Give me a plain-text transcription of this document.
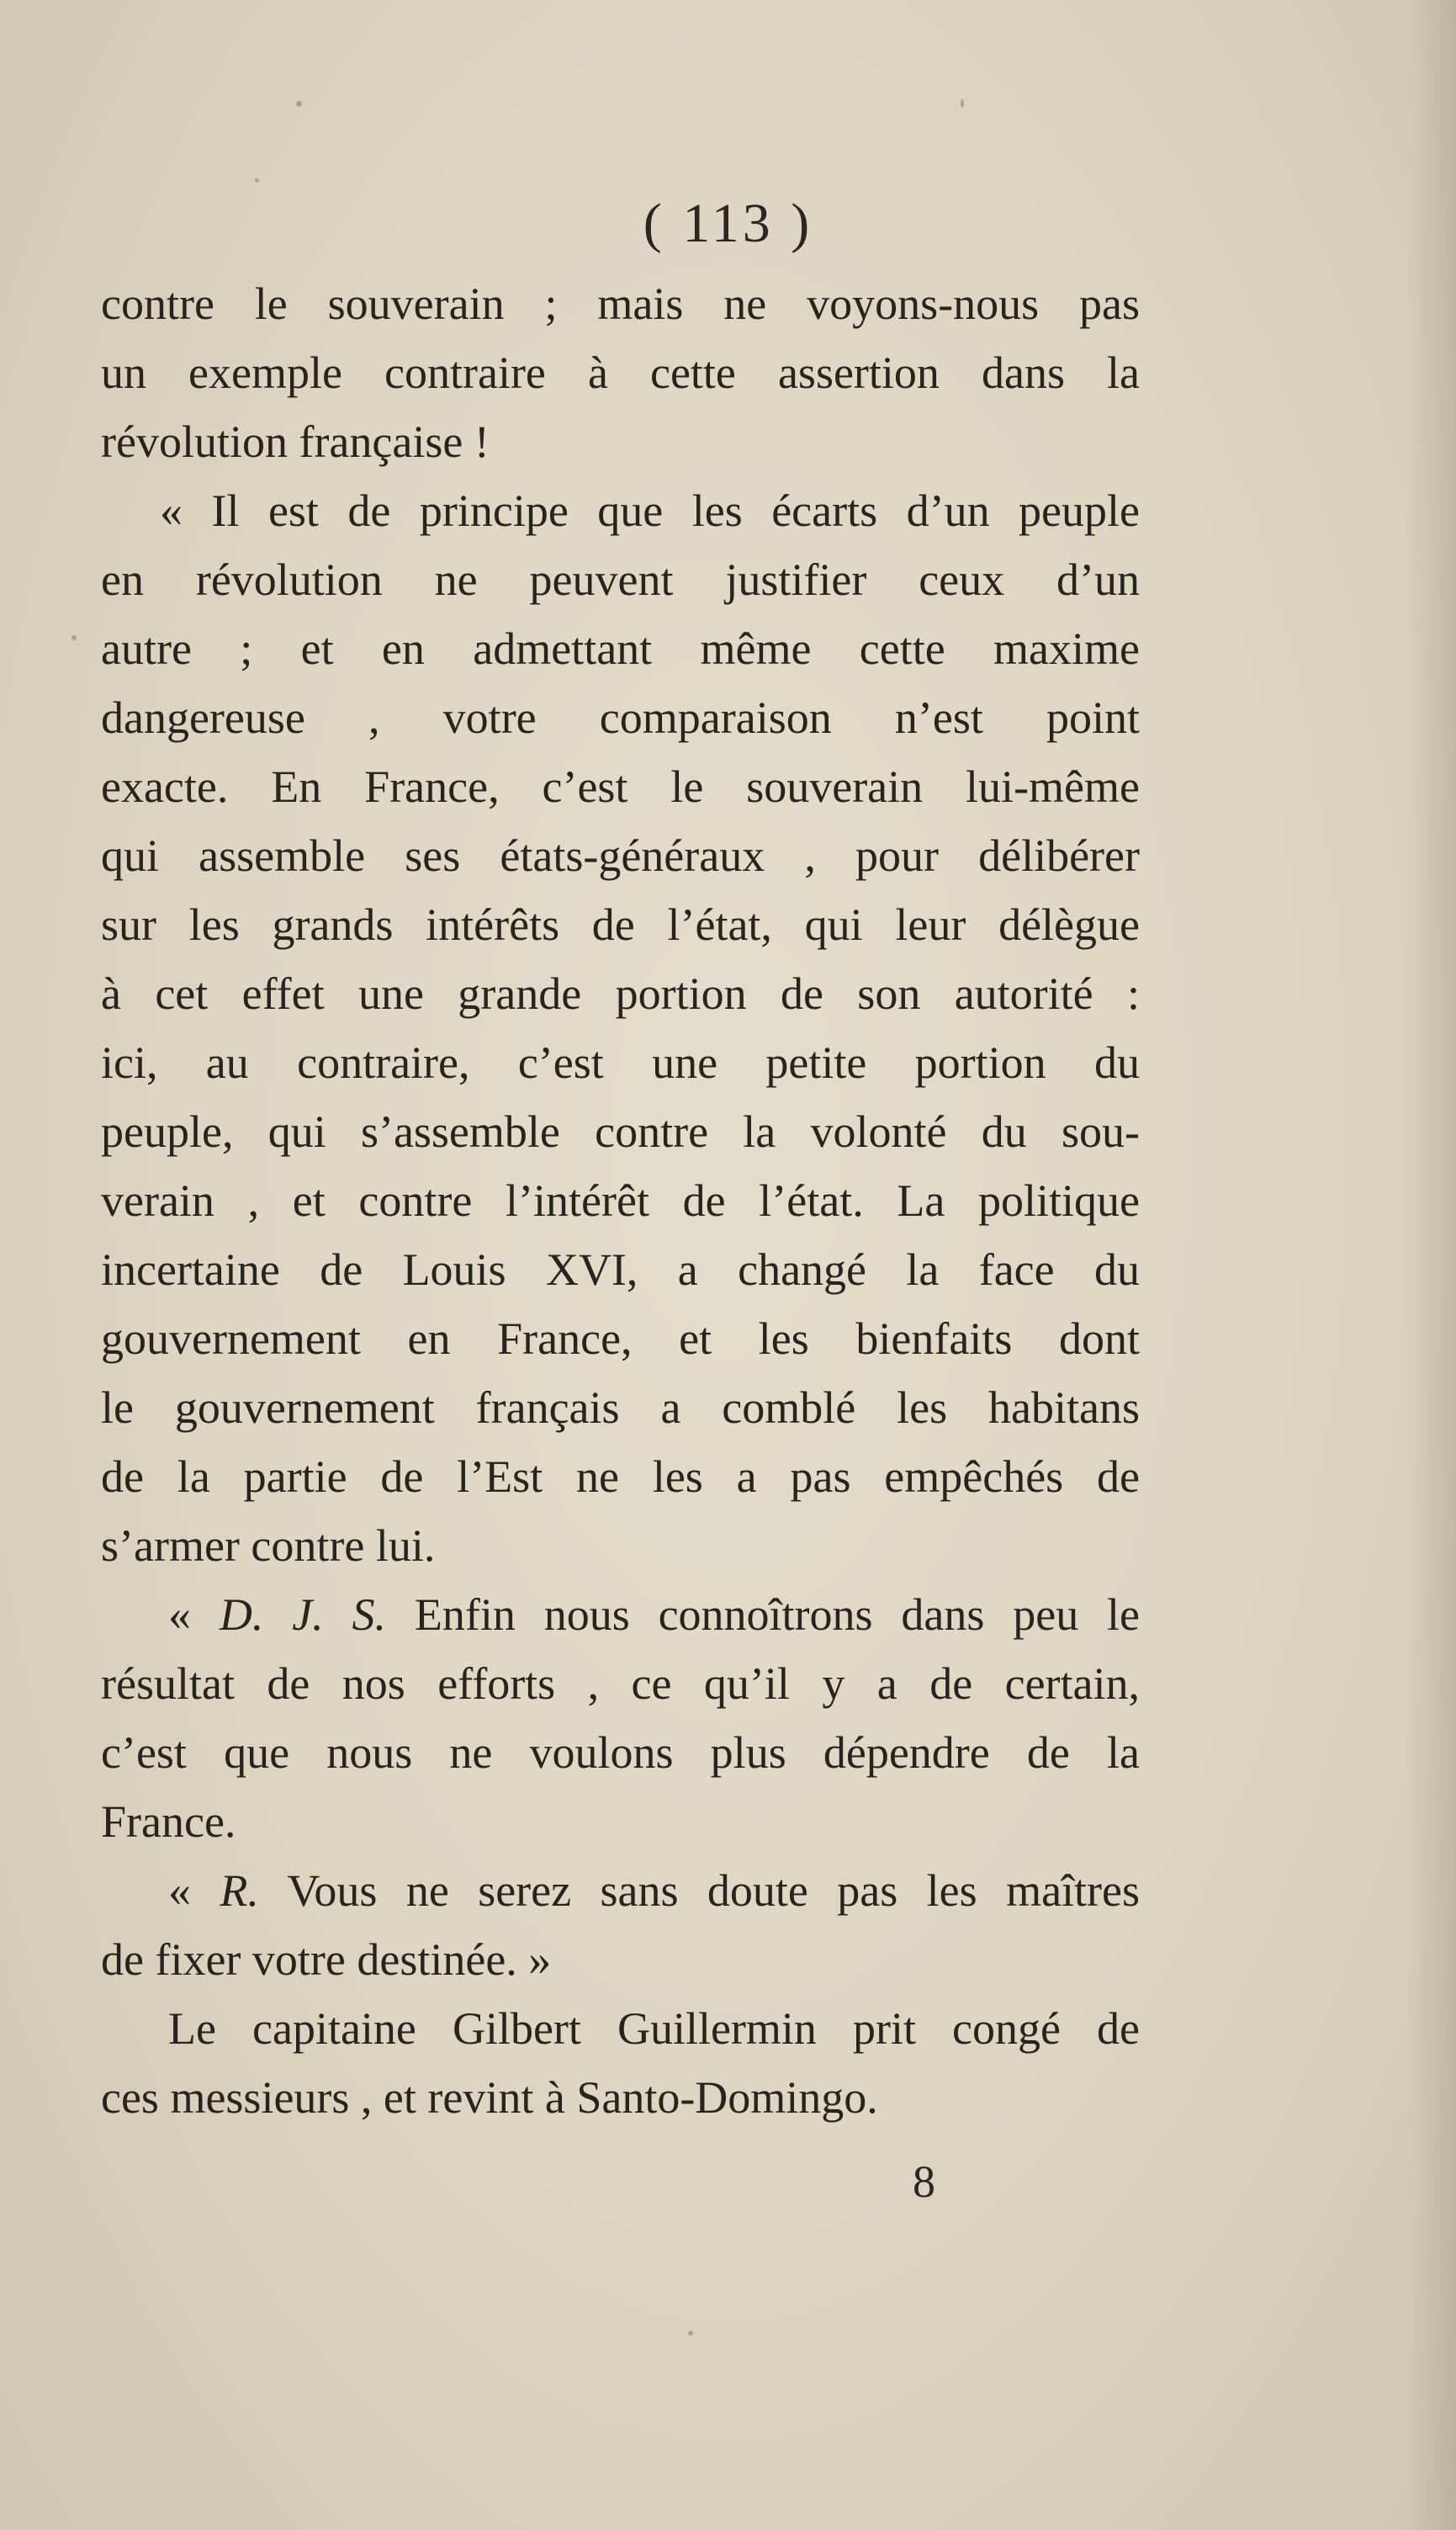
( 113 )
contre le souverain ; mais ne voyons-nous pas
un exemple contraire à cette assertion dans la
révolution française !
« Il est de principe que les écarts d’un peuple
en révolution ne peuvent justifier ceux d’un
autre ; et en admettant même cette maxime
dangereuse , votre comparaison n’est point
exacte. En France, c’est le souverain lui-même
qui assemble ses états-généraux , pour délibérer
sur les grands intérêts de l’état, qui leur délègue
à cet effet une grande portion de son autorité :
ici, au contraire, c’est une petite portion du
peuple, qui s’assemble contre la volonté du sou-
verain , et contre l’intérêt de l’état. La politique
incertaine de Louis XVI, a changé la face du
gouvernement en France, et les bienfaits dont
le gouvernement français a comblé les habitans
de la partie de l’Est ne les a pas empêchés de
s’armer contre lui.
« D. J. S. Enfin nous connoîtrons dans peu le
résultat de nos efforts , ce qu’il y a de certain,
c’est que nous ne voulons plus dépendre de la
France.
« R. Vous ne serez sans doute pas les maîtres
de fixer votre destinée. »
Le capitaine Gilbert Guillermin prit congé de
ces messieurs , et revint à Santo-Domingo.
8
